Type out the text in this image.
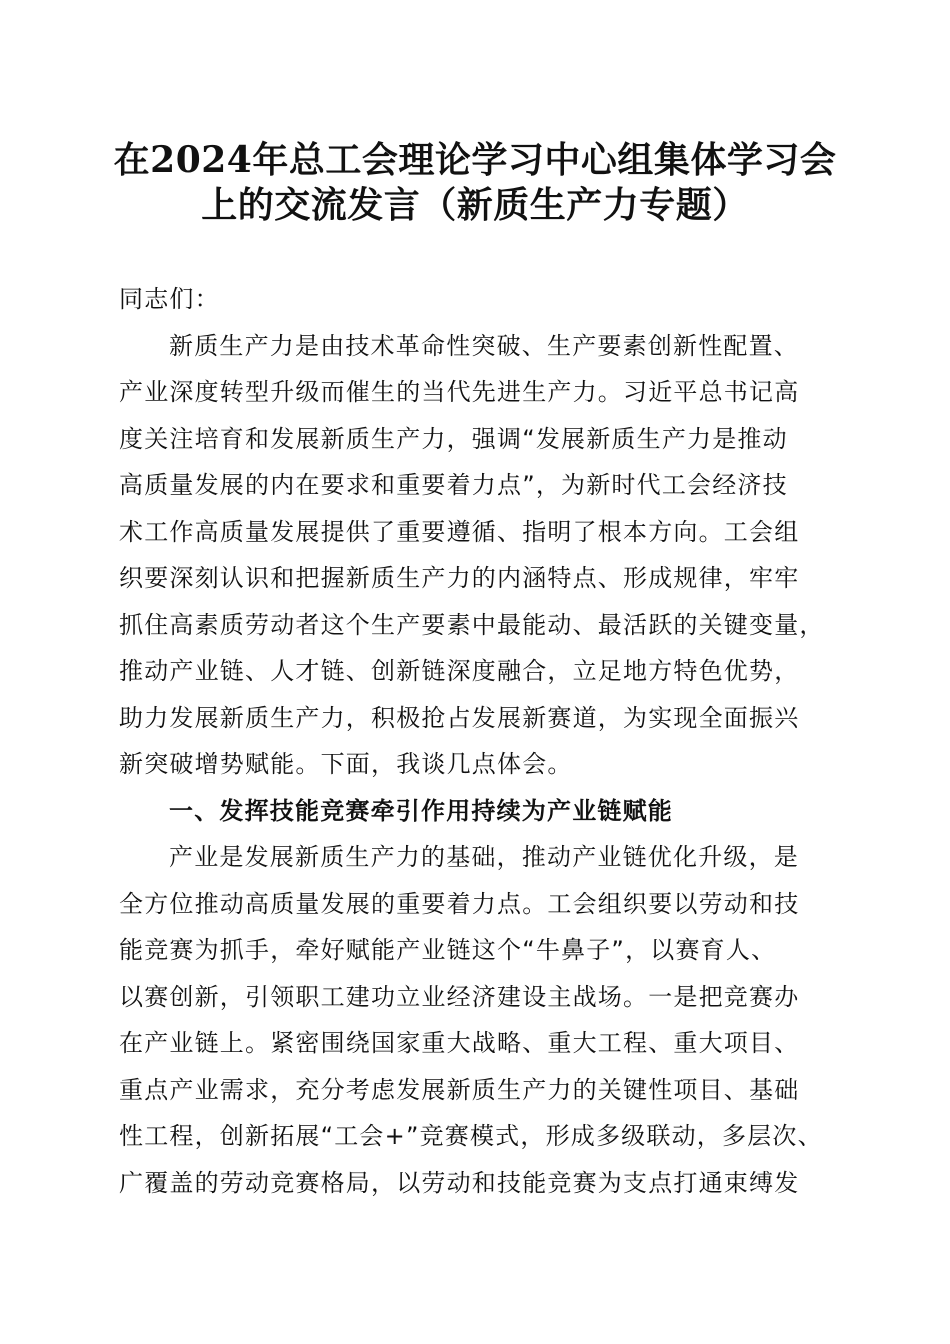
在2024年总工会理论学习中心组集体学习会
上的交流发言（新质生产力专题）
同志们：
新质生产力是由技术革命性突破、生产要素创新性配置、
产业深度转型升级而催生的当代先进生产力。习近平总书记高
度关注培育和发展新质生产力，强调“发展新质生产力是推动
高质量发展的内在要求和重要着力点”，为新时代工会经济技
术工作高质量发展提供了重要遵循、指明了根本方向。工会组
织要深刻认识和把握新质生产力的内涵特点、形成规律，牢牢
抓住高素质劳动者这个生产要素中最能动、最活跃的关键变量，
推动产业链、人才链、创新链深度融合，立足地方特色优势，
助力发展新质生产力，积极抢占发展新赛道，为实现全面振兴
新突破增势赋能。下面，我谈几点体会。
一、发挥技能竞赛牵引作用持续为产业链赋能
产业是发展新质生产力的基础，推动产业链优化升级，是
全方位推动高质量发展的重要着力点。工会组织要以劳动和技
能竞赛为抓手，牵好赋能产业链这个“牛鼻子”，以赛育人、
以赛创新，引领职工建功立业经济建设主战场。一是把竞赛办
在产业链上。紧密围绕国家重大战略、重大工程、重大项目、
重点产业需求，充分考虑发展新质生产力的关键性项目、基础
性工程，创新拓展“工会+”竞赛模式，形成多级联动，多层次、
广覆盖的劳动竞赛格局，以劳动和技能竞赛为支点打通束缚发
